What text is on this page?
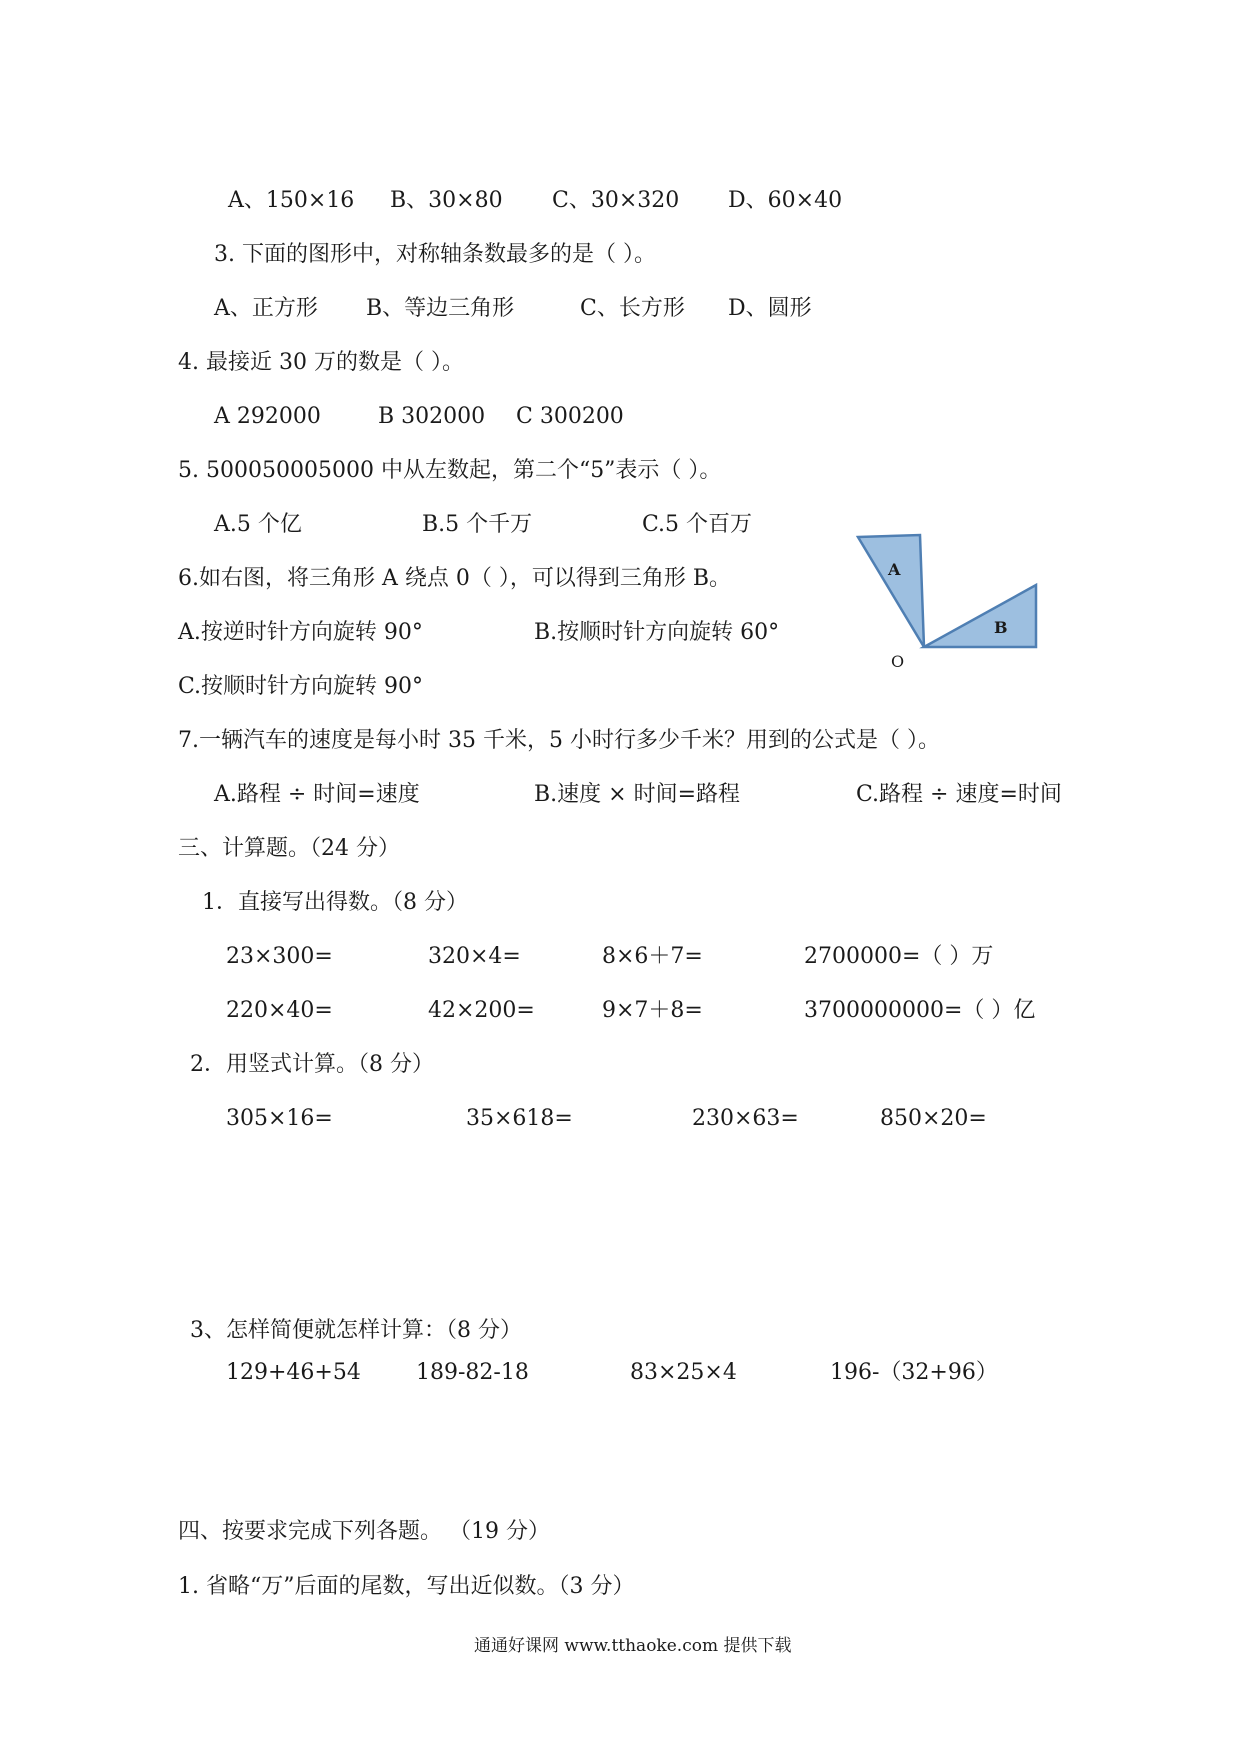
A、150×16 B、30×80 C、30×320 D、60×40
3. 下面的图形中，对称轴条数最多的是（ ）。
A、正方形 B、等边三角形	C、长方形 D、圆形
4. 最接近 30 万的数是（ ）。
A 292000	B 302000 C 300200
5. 500050005000 中从左数起，第二个“5”表示（ ）。
A.5 个亿	B.5 个千万	C.5 个百万
6.如右图，将三角形 A 绕点 0（ ），可以得到三角形 B。
A.按逆时针方向旋转 90°	B.按顺时针方向旋转 60°
C.按顺时针方向旋转 90°
A
B
O
7.一辆汽车的速度是每小时 35 千米，5 小时行多少千米？用到的公式是（ ）。
A.路程 ÷ 时间=速度	B.速度 × 时间=路程	C.路程 ÷ 速度=时间
三、计算题。（24 分）
1．直接写出得数。（8 分）
23×300=	320×4=	8×6＋7=	2700000=（ ）万
220×40=	42×200=	9×7＋8=	3700000000=（ ）亿
2．用竖式计算。（8 分）
305×16=	35×618=	230×63=	850×20=
3、怎样简便就怎样计算：（8 分）
129+46+54	189-82-18	83×25×4	196-（32+96）
四、按要求完成下列各题。 （19 分）
1. 省略“万”后面的尾数，写出近似数。（3 分）
通通好课网 www.tthaoke.com 提供下载
